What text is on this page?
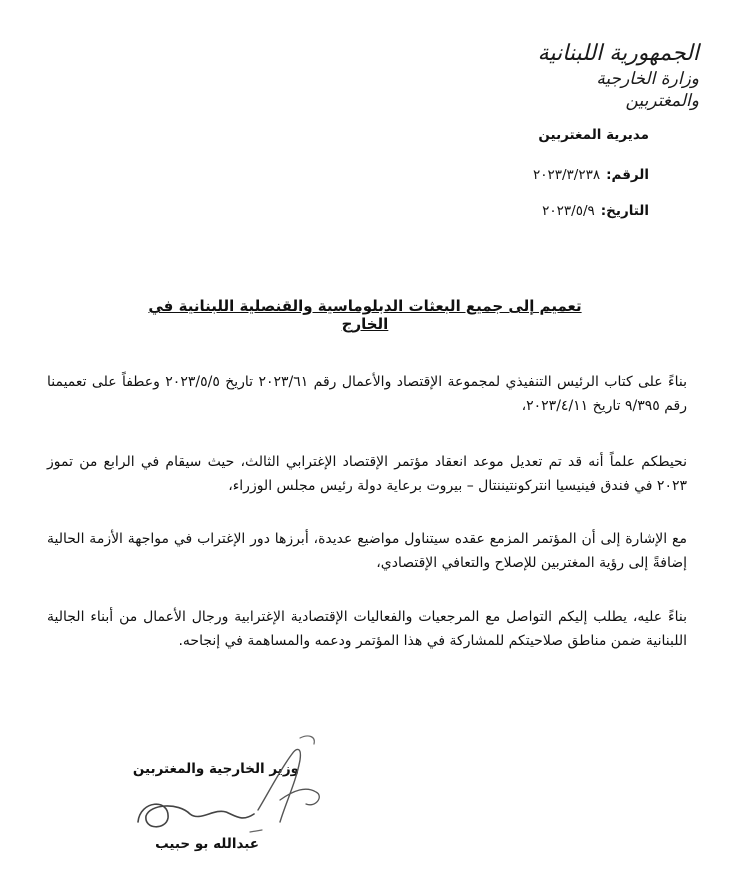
الجمهورية اللبنانية
وزارة الخارجية والمغتربين
مديرية المغتربين
الرقم:٢٠٢٣/٣/٢٣٨
التاريخ:٢٠٢٣/٥/٩
تعميم إلى جميع البعثات الدبلوماسية والقنصلية اللبنانية في الخارج
بناءً على كتاب الرئيس التنفيذي لمجموعة الإقتصاد والأعمال رقم ٢٠٢٣/٦١ تاريخ ٢٠٢٣/٥/٥ وعطفاً على تعميمنا رقم ٩/٣٩٥ تاريخ ٢٠٢٣/٤/١١،
نحيطكم علماً أنه قد تم تعديل موعد انعقاد مؤتمر الإقتصاد الإغترابي الثالث، حيث سيقام في الرابع من تموز ٢٠٢٣ في فندق فينيسيا انتركونتيننتال – بيروت برعاية دولة رئيس مجلس الوزراء،
مع الإشارة إلى أن المؤتمر المزمع عقده سيتناول مواضيع عديدة، أبرزها دور الإغتراب في مواجهة الأزمة الحالية إضافةً إلى رؤية المغتربين للإصلاح والتعافي الإقتصادي،
بناءً عليه، يطلب إليكم التواصل مع المرجعيات والفعاليات الإقتصادية الإغترابية ورجال الأعمال من أبناء الجالية اللبنانية ضمن مناطق صلاحيتكم للمشاركة في هذا المؤتمر ودعمه والمساهمة في إنجاحه.
وزير الخارجية والمغتربين
عبدالله بو حبيب
